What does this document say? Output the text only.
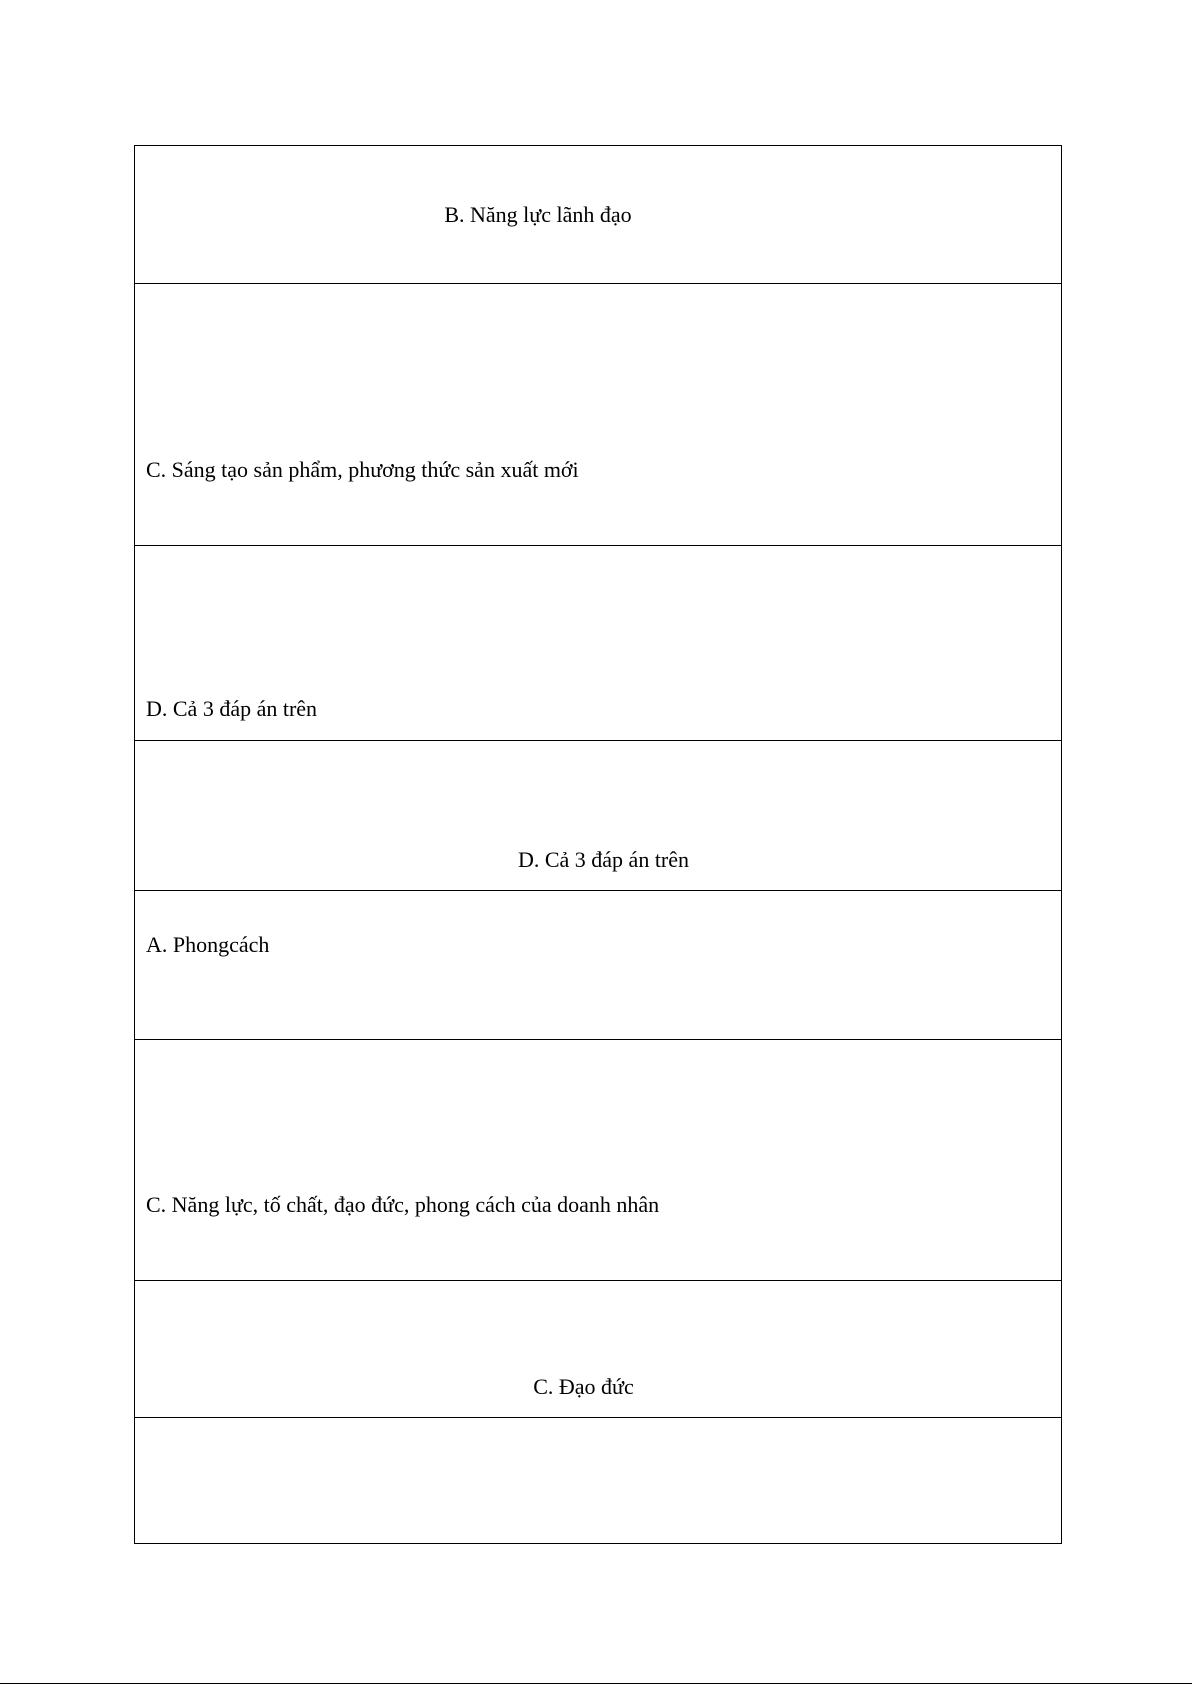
B. Năng lực lãnh đạo
C. Sáng tạo sản phẩm, phương thức sản xuất mới
D. Cả 3 đáp án trên
D. Cả 3 đáp án trên
A. Phongcách
C. Năng lực, tố chất, đạo đức, phong cách của doanh nhân
C. Đạo đức
